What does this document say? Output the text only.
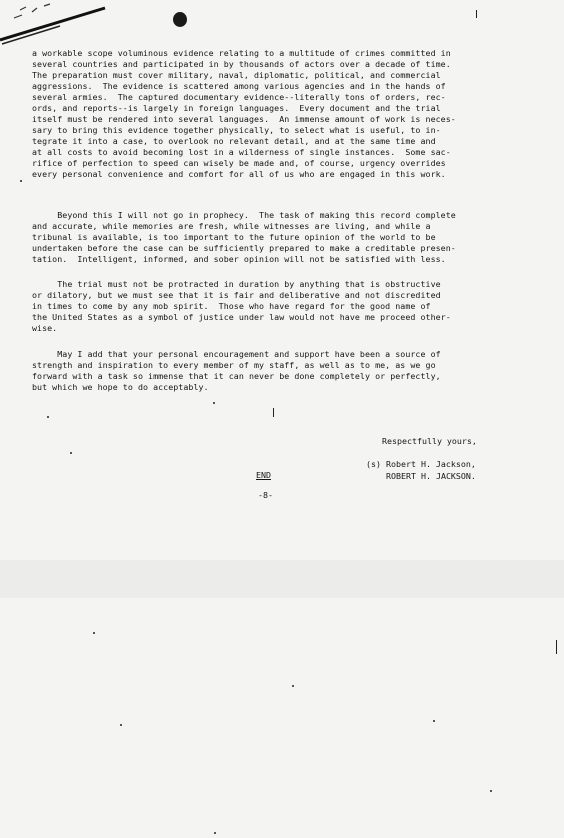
a workable scope voluminous evidence relating to a multitude of crimes committed in
several countries and participated in by thousands of actors over a decade of time.
The preparation must cover military, naval, diplomatic, political, and commercial
aggressions.  The evidence is scattered among various agencies and in the hands of
several armies.  The captured documentary evidence--literally tons of orders, rec-
ords, and reports--is largely in foreign languages.  Every document and the trial
itself must be rendered into several languages.  An immense amount of work is neces-
sary to bring this evidence together physically, to select what is useful, to in-
tegrate it into a case, to overlook no relevant detail, and at the same time and
at all costs to avoid becoming lost in a wilderness of single instances.  Some sac-
rifice of perfection to speed can wisely be made and, of course, urgency overrides
every personal convenience and comfort for all of us who are engaged in this work.
Beyond this I will not go in prophecy.  The task of making this record complete
and accurate, while memories are fresh, while witnesses are living, and while a
tribunal is available, is too important to the future opinion of the world to be
undertaken before the case can be sufficiently prepared to make a creditable presen-
tation.  Intelligent, informed, and sober opinion will not be satisfied with less.
The trial must not be protracted in duration by anything that is obstructive
or dilatory, but we must see that it is fair and deliberative and not discredited
in times to come by any mob spirit.  Those who have regard for the good name of
the United States as a symbol of justice under law would not have me proceed other-
wise.
May I add that your personal encouragement and support have been a source of
strength and inspiration to every member of my staff, as well as to me, as we go
forward with a task so immense that it can never be done completely or perfectly,
but which we hope to do acceptably.
Respectfully yours,
(s) Robert H. Jackson,
ROBERT H. JACKSON.
END
-8-
